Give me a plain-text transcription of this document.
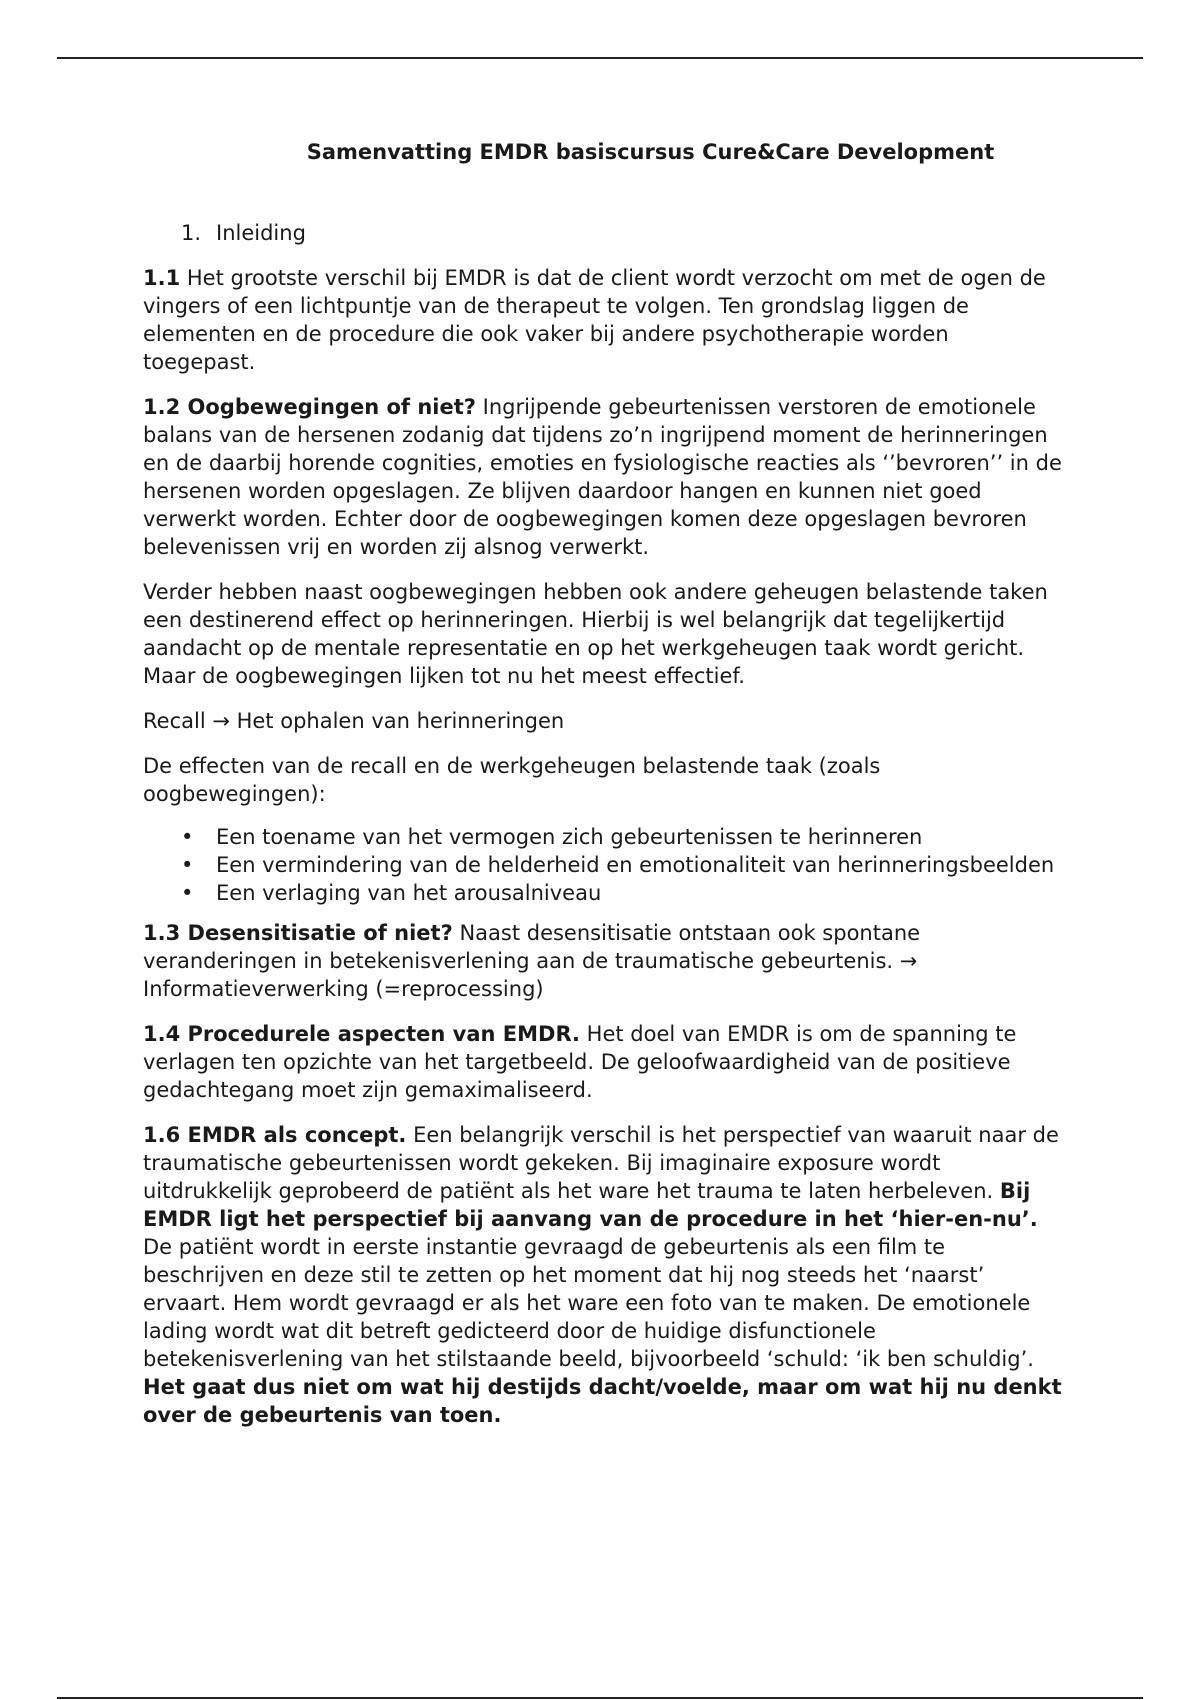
Samenvatting EMDR basiscursus Cure&Care Development
1. Inleiding

1.1 Het grootste verschil bij EMDR is dat de client wordt verzocht om met de ogen de vingers of een lichtpuntje van de therapeut te volgen. Ten grondslag liggen de elementen en de procedure die ook vaker bij andere psychotherapie worden toegepast.

1.2 Oogbewegingen of niet? Ingrijpende gebeurtenissen verstoren de emotionele balans van de hersenen zodanig dat tijdens zo’n ingrijpend moment de herinneringen en de daarbij horende cognities, emoties en fysiologische reacties als ‘’bevroren’’ in de hersenen worden opgeslagen. Ze blijven daardoor hangen en kunnen niet goed verwerkt worden. Echter door de oogbewegingen komen deze opgeslagen bevroren belevenissen vrij en worden zij alsnog verwerkt.

Verder hebben naast oogbewegingen hebben ook andere geheugen belastende taken een destinerend effect op herinneringen. Hierbij is wel belangrijk dat tegelijkertijd aandacht op de mentale representatie en op het werkgeheugen taak wordt gericht. Maar de oogbewegingen lijken tot nu het meest effectief.

Recall → Het ophalen van herinneringen

De effecten van de recall en de werkgeheugen belastende taak (zoals oogbewegingen):

• Een toename van het vermogen zich gebeurtenissen te herinneren
• Een vermindering van de helderheid en emotionaliteit van herinneringsbeelden
• Een verlaging van het arousalniveau

1.3 Desensitisatie of niet? Naast desensitisatie ontstaan ook spontane veranderingen in betekenisverlening aan de traumatische gebeurtenis. → Informatieverwerking (=reprocessing)

1.4 Procedurele aspecten van EMDR. Het doel van EMDR is om de spanning te verlagen ten opzichte van het targetbeeld. De geloofwaardigheid van de positieve gedachtegang moet zijn gemaximaliseerd.

1.6 EMDR als concept. Een belangrijk verschil is het perspectief van waaruit naar de traumatische gebeurtenissen wordt gekeken. Bij imaginaire exposure wordt uitdrukkelijk geprobeerd de patiënt als het ware het trauma te laten herbeleven. Bij EMDR ligt het perspectief bij aanvang van de procedure in het ‘hier-en-nu’. De patiënt wordt in eerste instantie gevraagd de gebeurtenis als een film te beschrijven en deze stil te zetten op het moment dat hij nog steeds het ‘naarst’ ervaart. Hem wordt gevraagd er als het ware een foto van te maken. De emotionele lading wordt wat dit betreft gedicteerd door de huidige disfunctionele betekenisverlening van het stilstaande beeld, bijvoorbeeld ‘schuld: ‘ik ben schuldig’. Het gaat dus niet om wat hij destijds dacht/voelde, maar om wat hij nu denkt over de gebeurtenis van toen.
